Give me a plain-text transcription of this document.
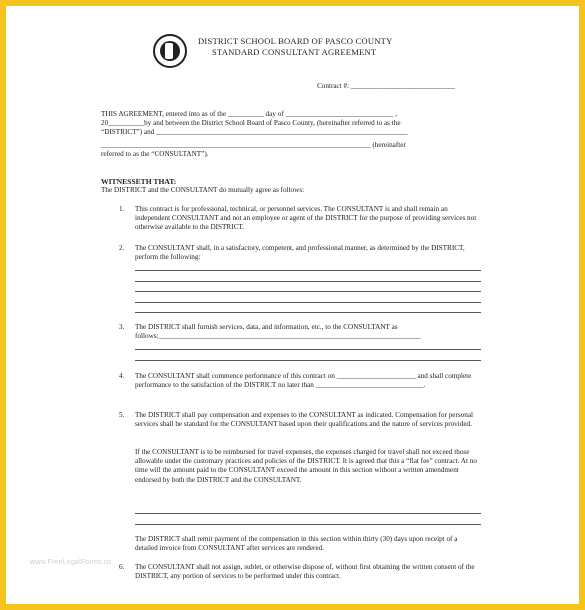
DISTRICT SCHOOL BOARD OF PASCO COUNTY
STANDARD CONSULTANT AGREEMENT
Contract #: _____________________________
THIS AGREEMENT, entered into as of the __________ day of ______________________________ ,
20__________by and between the District School Board of Pasco County, (hereinafter referred to as the
“DISTRICT”) and ______________________________________________________________________
___________________________________________________________________________ (hereinafter
referred to as the “CONSULTANT”).
WITNESSETH THAT:
The DISTRICT and the CONSULTANT do mutually agree as follows:
1. This contract is for professional, technical, or personnel services. The CONSULTANT is and shall remain an independent CONSULTANT and not an employee or agent of the DISTRICT for the purpose of providing services not otherwise available to the DISTRICT.
2. The CONSULTANT shall, in a satisfactory, competent, and professional manner, as determined by the DISTRICT, perform the following:
3. The DISTRICT shall furnish services, data, and information, etc., to the CONSULTANT as follows:_________________________________________________________________________
4. The CONSULTANT shall commence performance of this contract on ______________________ and shall complete performance to the satisfaction of the DISTRICT no later than ______________________________.
5. The DISTRICT shall pay compensation and expenses to the CONSULTANT as indicated. Compensation for personal services shall be standard for the CONSULTANT based upon their qualifications and the nature of services provided.
If the CONSULTANT is to be reimbursed for travel expenses, the expenses charged for travel shall not exceed those allowable under the customary practices and policies of the DISTRICT. It is agreed that this a “flat fee” contract. At no time will the amount paid to the CONSULTANT exceed the amount in this section without a written amendment endorsed by both the DISTRICT and the CONSULTANT.
The DISTRICT shall remit payment of the compensation in this section within thirty (30) days upon receipt of a detailed invoice from CONSULTANT after services are rendered.
6. The CONSULTANT shall not assign, sublet, or otherwise dispose of, without first obtaining the written consent of the DISTRICT, any portion of services to be performed under this contract.
www.FreeLegalForms.us
